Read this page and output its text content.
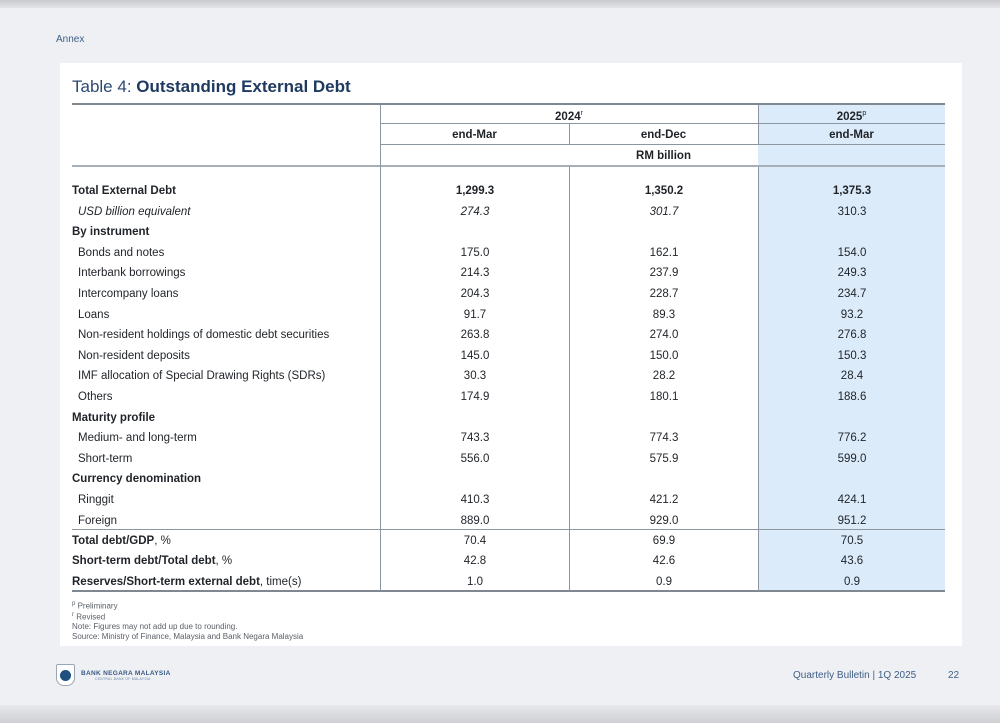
Annex
Table 4: Outstanding External Debt
2024$^r$	2025$^p$
end-Mar	end-Dec	end-Mar
RM billion
Total External Debt	1,299.3	1,350.2	1,375.3
USD billion equivalent	274.3	301.7	310.3
By instrument
Bonds and notes	175.0	162.1	154.0
Interbank borrowings	214.3	237.9	249.3
Intercompany loans	204.3	228.7	234.7
Loans	91.7	89.3	93.2
Non-resident holdings of domestic debt securities	263.8	274.0	276.8
Non-resident deposits	145.0	150.0	150.3
IMF allocation of Special Drawing Rights (SDRs)	30.3	28.2	28.4
Others	174.9	180.1	188.6
Maturity profile
Medium- and long-term	743.3	774.3	776.2
Short-term	556.0	575.9	599.0
Currency denomination
Ringgit	410.3	421.2	424.1
Foreign	889.0	929.0	951.2
Total debt/GDP, %	70.4	69.9	70.5
Short-term debt/Total debt, %	42.8	42.6	43.6
Reserves/Short-term external debt, time(s)	1.0	0.9	0.9
$^p$ Preliminary
$^r$ Revised
Note: Figures may not add up due to rounding.
Source: Ministry of Finance, Malaysia and Bank Negara Malaysia
BANK NEGARA MALAYSIA
CENTRAL BANK OF MALAYSIA	Quarterly Bulletin | 1Q 2025	22
